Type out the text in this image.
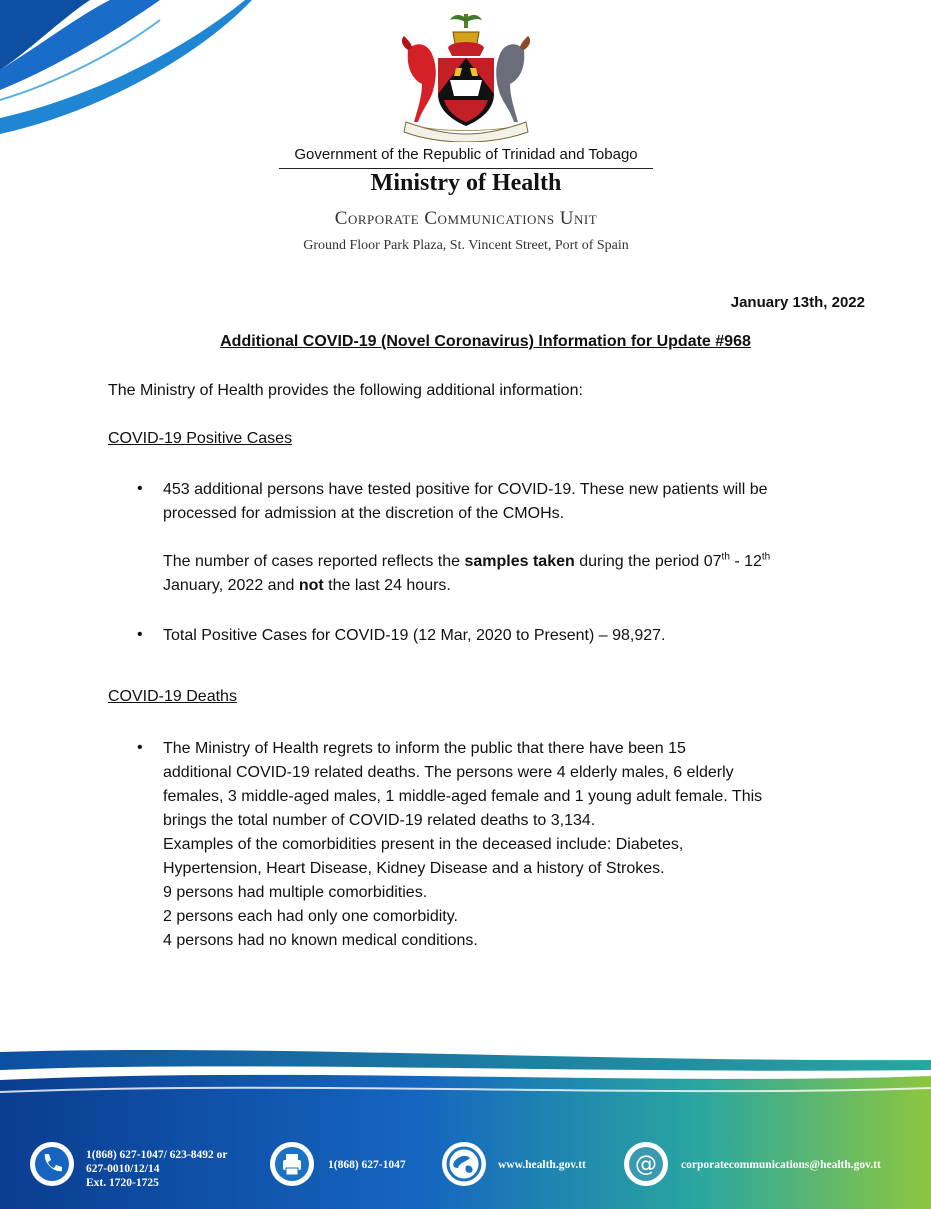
Government of the Republic of Trinidad and Tobago
Ministry of Health
Corporate Communications Unit
Ground Floor Park Plaza, St. Vincent Street, Port of Spain
January 13th, 2022
Additional COVID-19 (Novel Coronavirus) Information for Update #968
The Ministry of Health provides the following additional information:
COVID-19 Positive Cases
• 453 additional persons have tested positive for COVID-19. These new patients will be
processed for admission at the discretion of the CMOHs.
The number of cases reported reflects the samples taken during the period 07th - 12th
January, 2022 and not the last 24 hours.
• Total Positive Cases for COVID-19 (12 Mar, 2020 to Present) – 98,927.
COVID-19 Deaths
• The Ministry of Health regrets to inform the public that there have been 15
additional COVID-19 related deaths. The persons were 4 elderly males, 6 elderly
females, 3 middle-aged males, 1 middle-aged female and 1 young adult female. This
brings the total number of COVID-19 related deaths to 3,134.
Examples of the comorbidities present in the deceased include: Diabetes,
Hypertension, Heart Disease, Kidney Disease and a history of Strokes.
9 persons had multiple comorbidities.
2 persons each had only one comorbidity.
4 persons had no known medical conditions.
1(868) 627-1047/ 623-8492 or
627-0010/12/14
Ext. 1720-1725
1(868) 627-1047	www.health.gov.tt @ corporatecommunications@health.gov.tt
